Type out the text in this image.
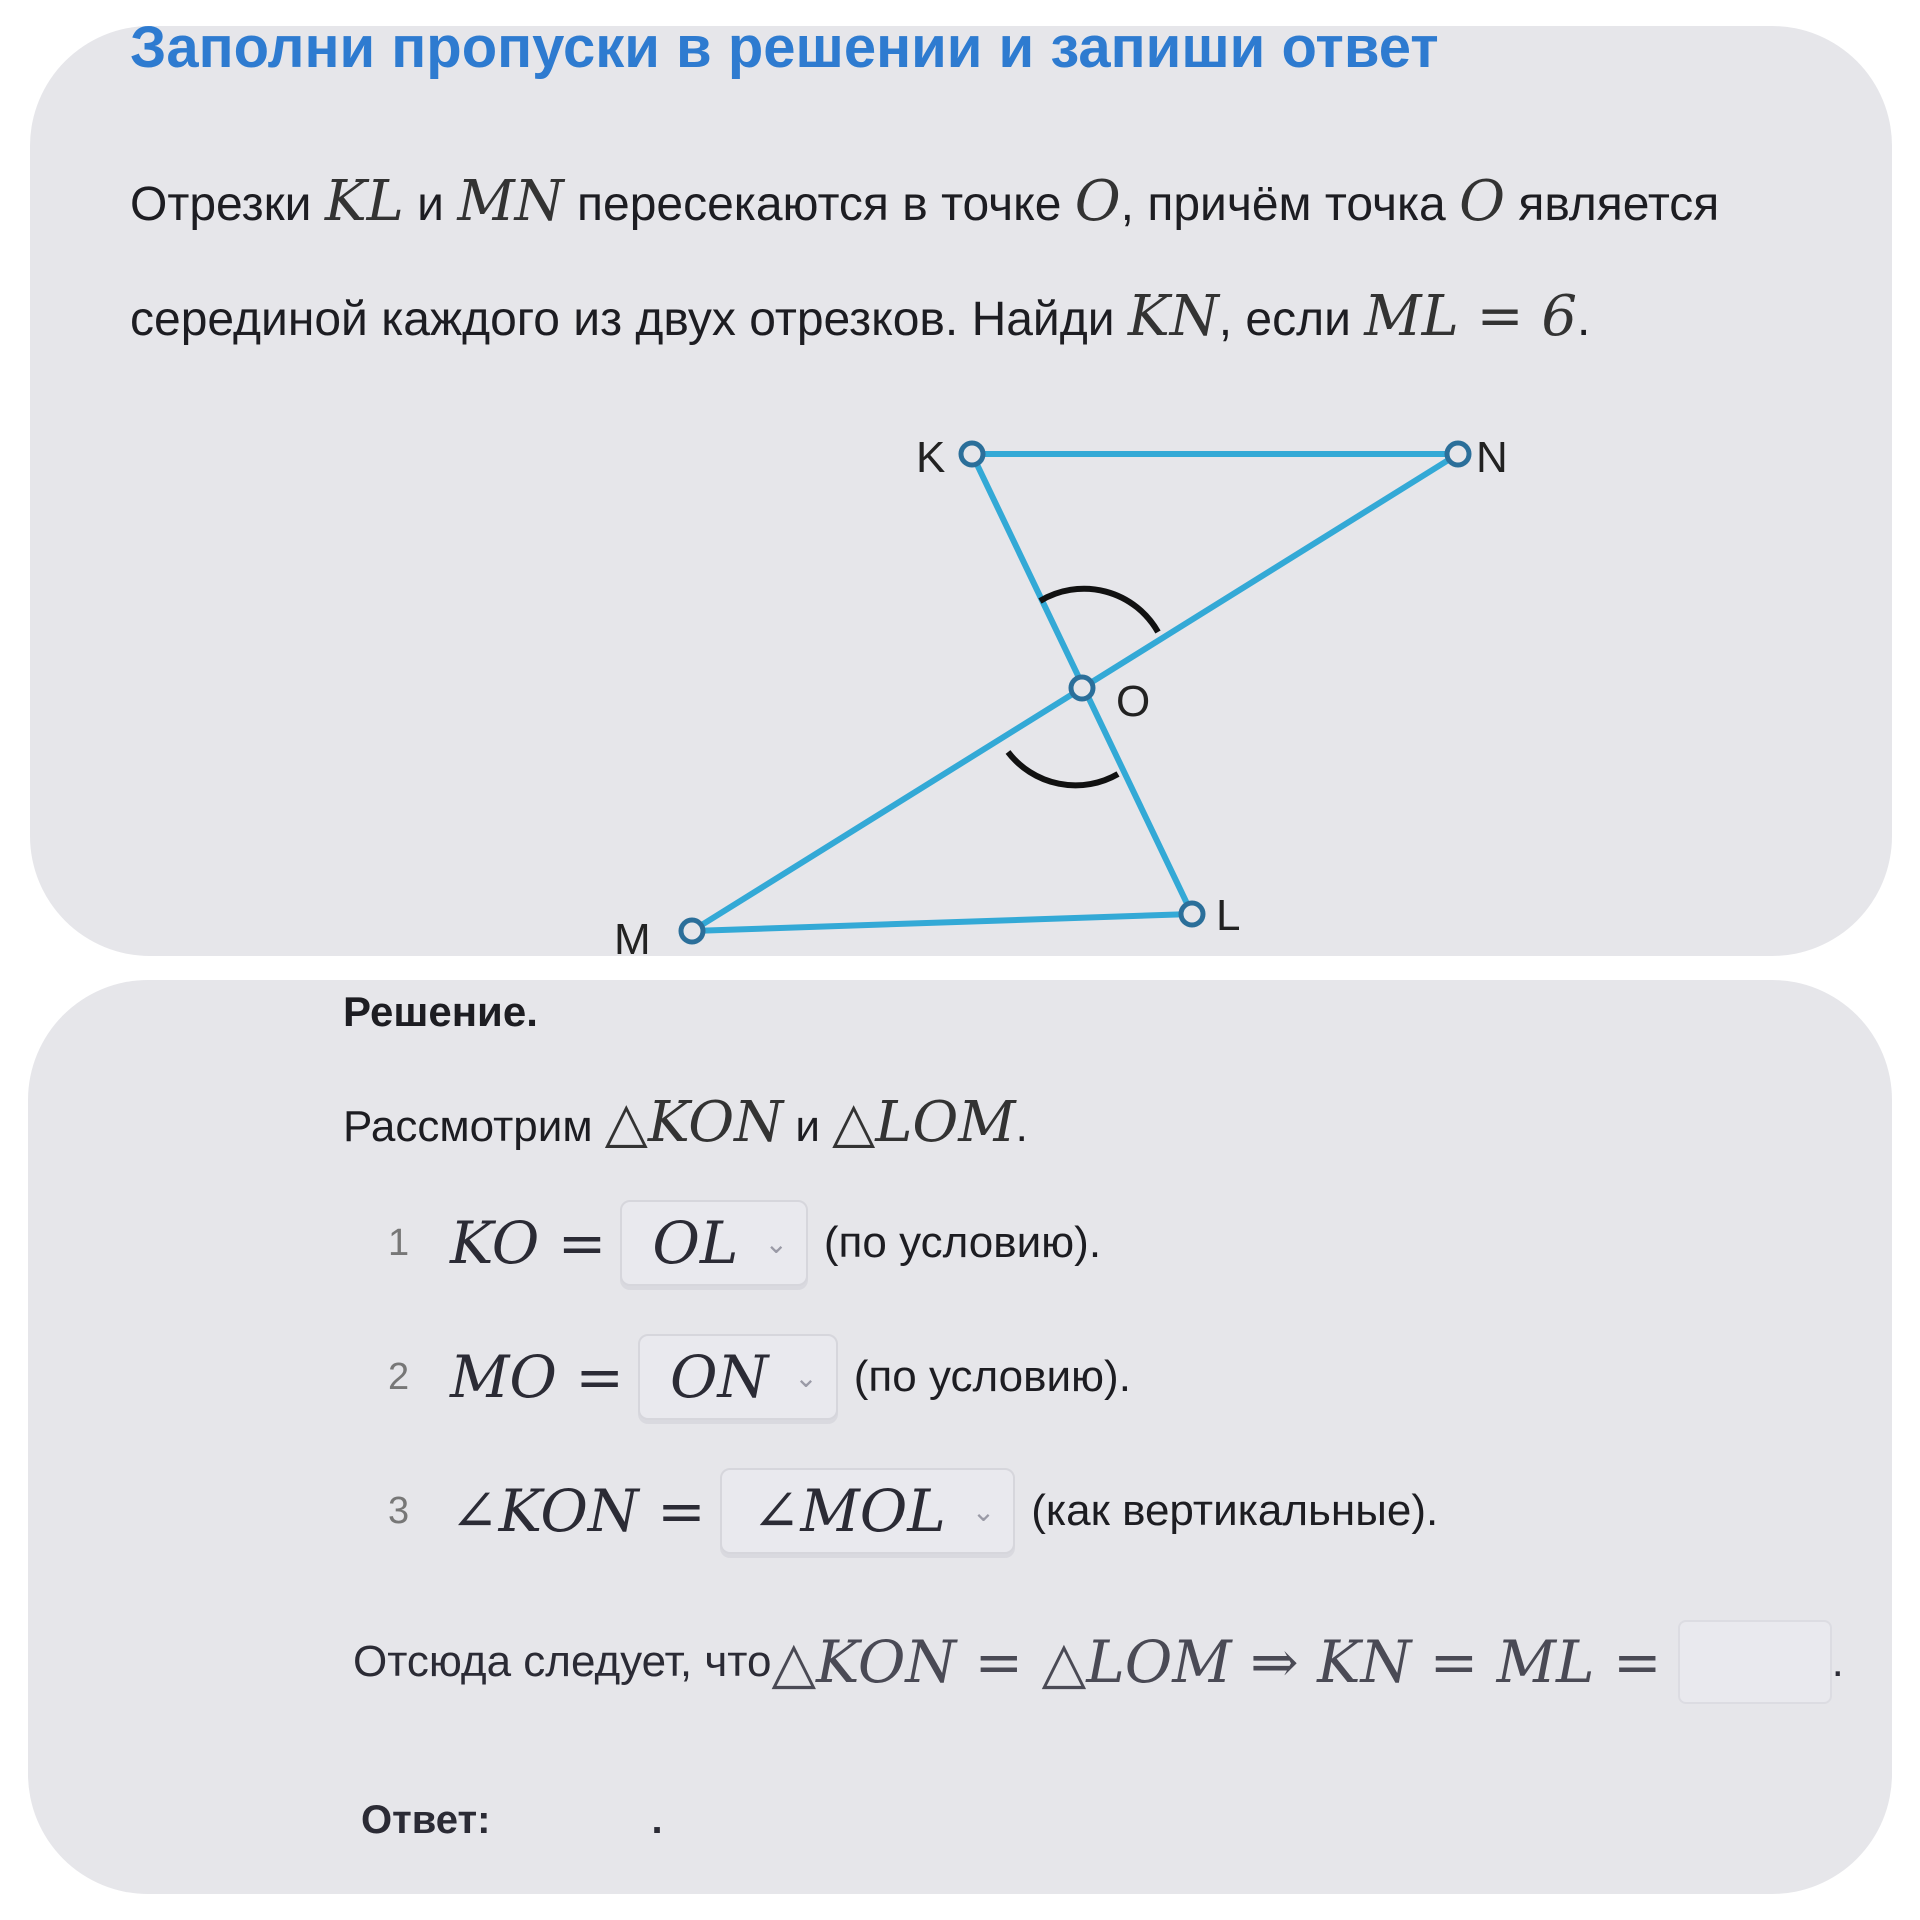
Заполни пропуски в решении и запиши ответ
Отрезки KL и MN пересекаются в точке O, причём точка O является серединой каждого из двух отрезков. Найди KN, если ML = 6.
K	N
O
M	L
Решение.
Рассмотрим △KON и △LOM.
1 KO = OL ⌄ (по условию).
2 MO = ON ⌄ (по условию).
3 ∠KON = ∠MOL ⌄ (как вертикальные).
Отсюда следует, что △KON = △LOM ⇒ KN = ML =	.
Ответ:	.
